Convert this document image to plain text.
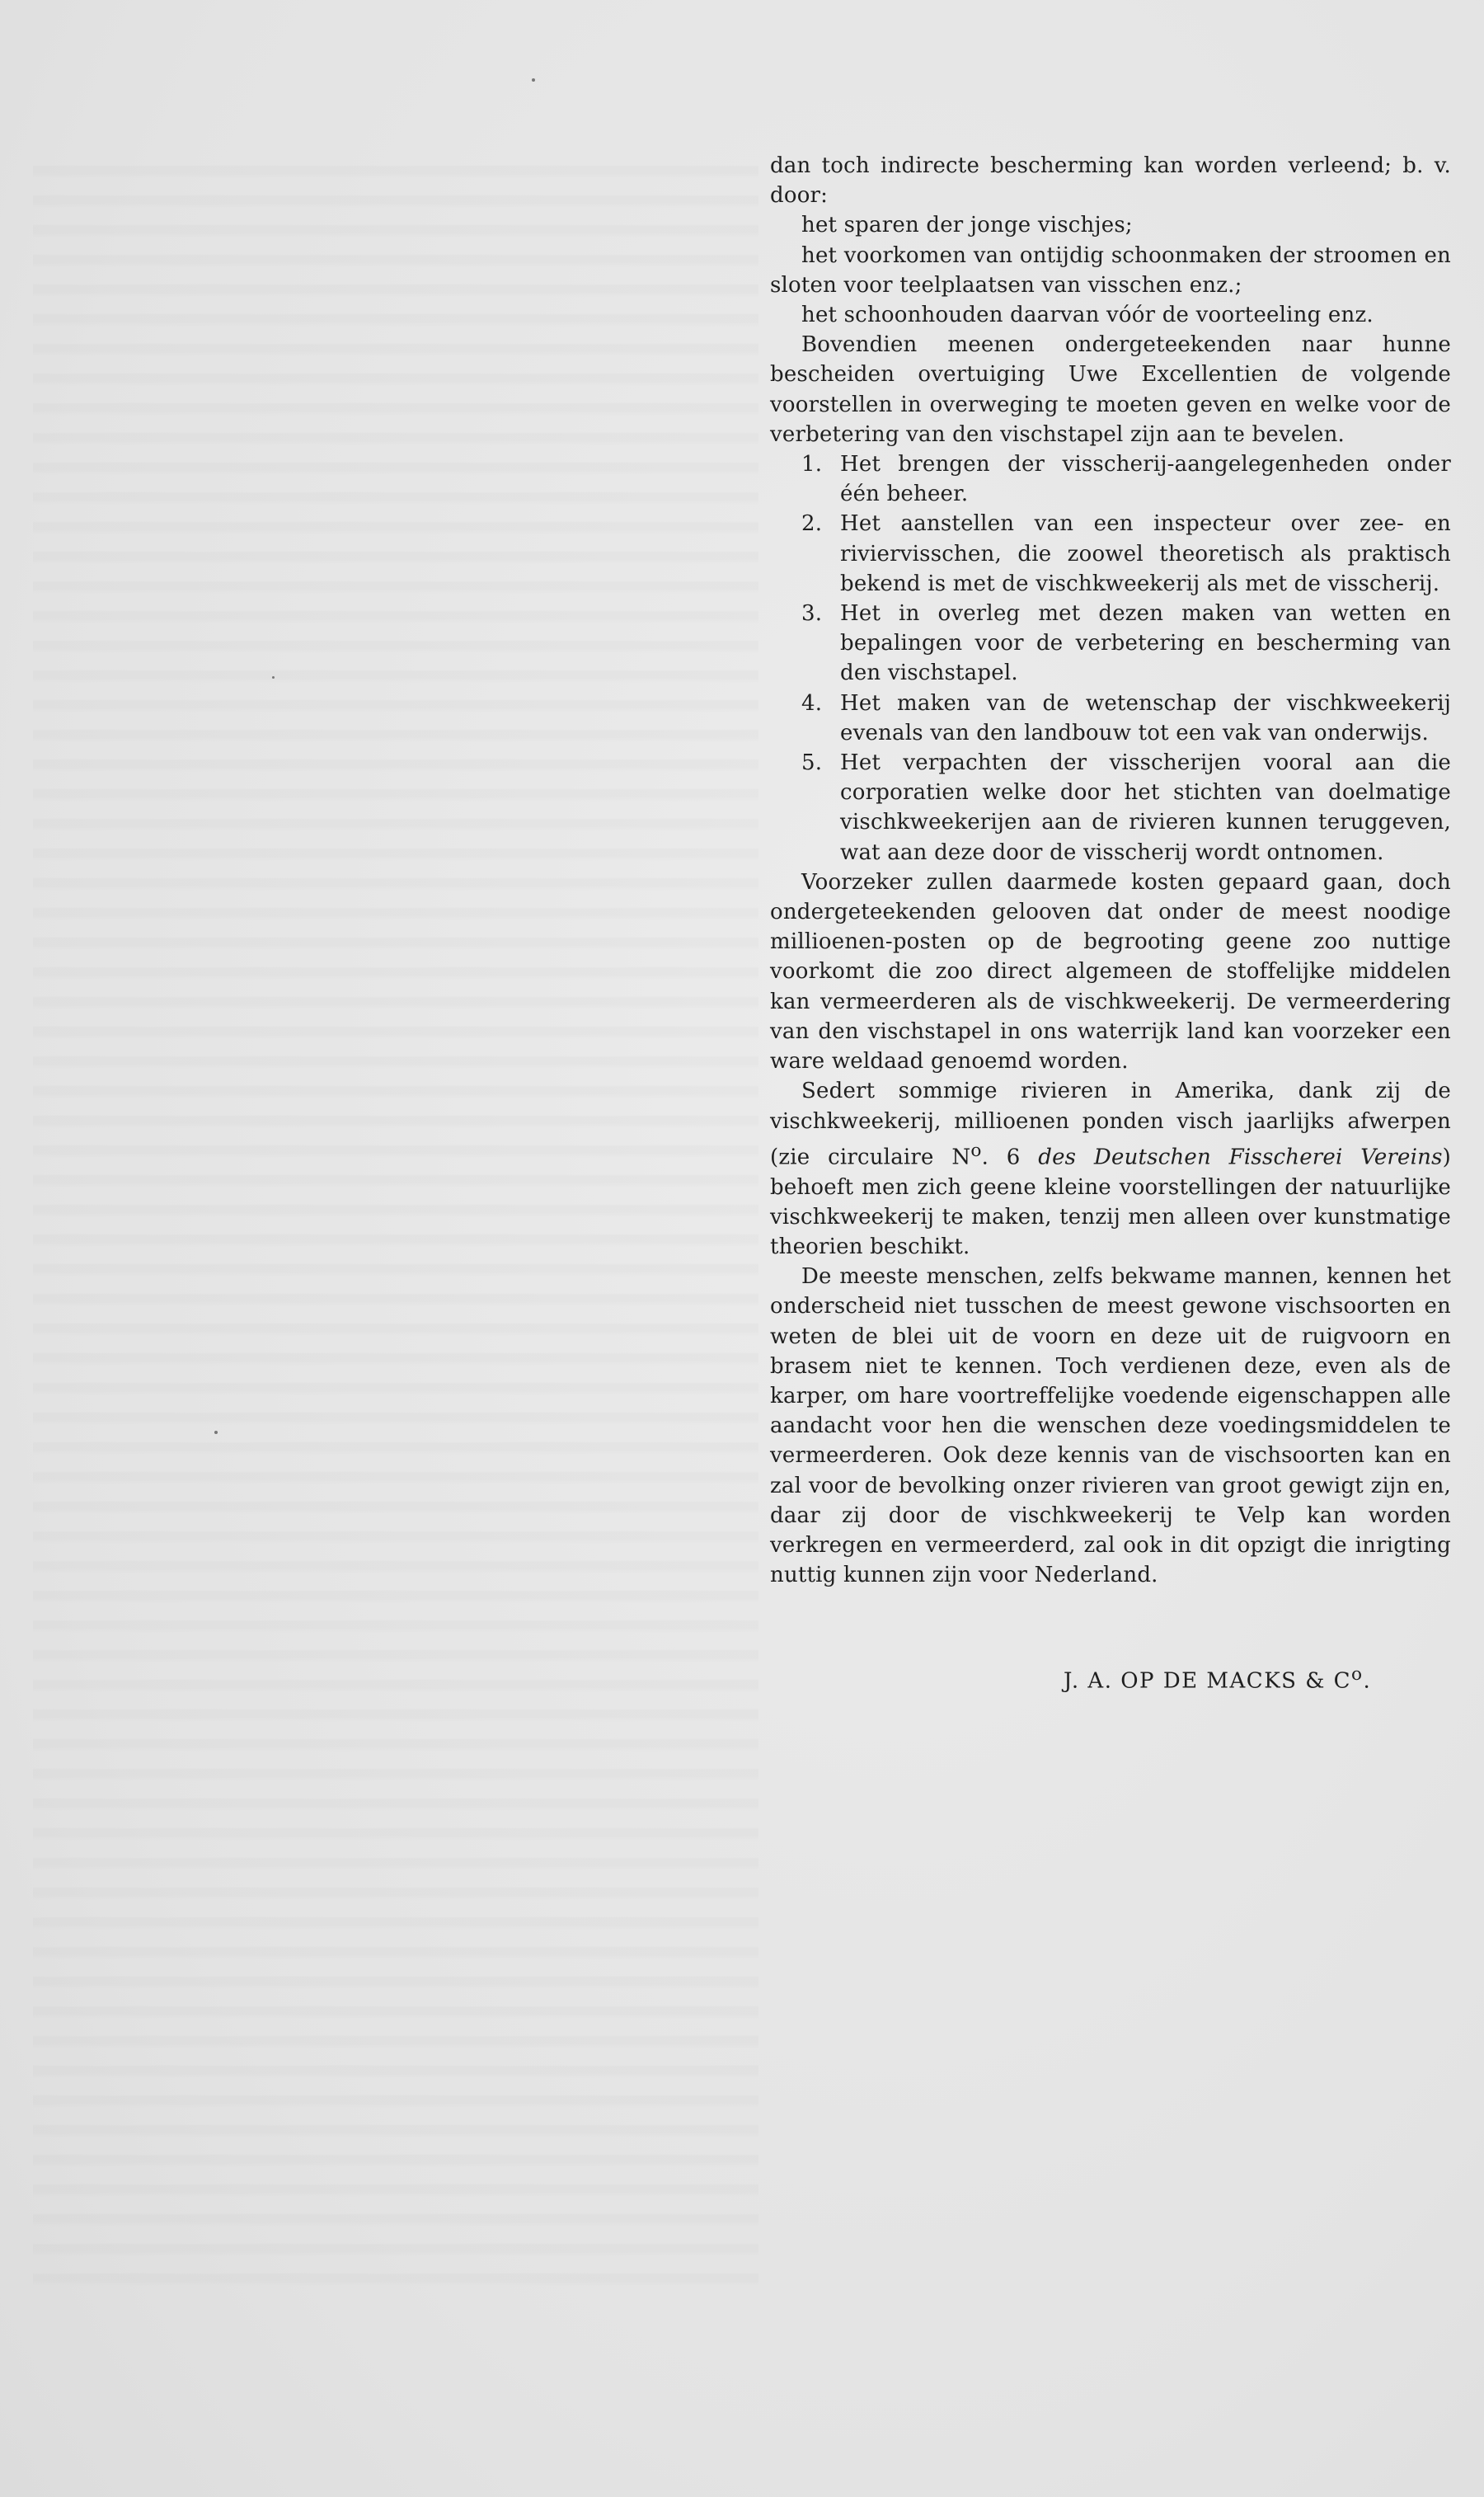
dan toch indirecte bescherming kan worden verleend; b. v. door:

het sparen der jonge vischjes;

het voorkomen van ontijdig schoonmaken der stroomen en sloten voor teelplaatsen van visschen enz.;

het schoonhouden daarvan vóór de voorteeling enz.

Bovendien meenen ondergeteekenden naar hunne bescheiden overtuiging Uwe Excellentien de volgende voorstellen in overweging te moeten geven en welke voor de verbetering van den vischstapel zijn aan te bevelen.

1. Het brengen der visscherij-aangelegenheden onder één beheer.
2. Het aanstellen van een inspecteur over zee- en riviervisschen, die zoowel theoretisch als praktisch bekend is met de vischkweekerij als met de visscherij.
3. Het in overleg met dezen maken van wetten en bepalingen voor de verbetering en bescherming van den vischstapel.
4. Het maken van de wetenschap der vischkweekerij evenals van den landbouw tot een vak van onderwijs.
5. Het verpachten der visscherijen vooral aan die corporatien welke door het stichten van doelmatige vischkweekerijen aan de rivieren kunnen teruggeven, wat aan deze door de visscherij wordt ontnomen.

Voorzeker zullen daarmede kosten gepaard gaan, doch ondergeteekenden gelooven dat onder de meest noodige millioenen-posten op de begrooting geene zoo nuttige voorkomt die zoo direct algemeen de stoffelijke middelen kan vermeerderen als de vischkweekerij. De vermeerdering van den vischstapel in ons waterrijk land kan voorzeker een ware weldaad genoemd worden.

Sedert sommige rivieren in Amerika, dank zij de vischkweekerij, millioenen ponden visch jaarlijks afwerpen (zie circulaire $N^o$. 6 des Deutschen Fisscherei Vereins) behoeft men zich geene kleine voorstellingen der natuurlijke vischkweekerij te maken, tenzij men alleen over kunstmatige theorien beschikt.

De meeste menschen, zelfs bekwame mannen, kennen het onderscheid niet tusschen de meest gewone vischsoorten en weten de blei uit de voorn en deze uit de ruigvoorn en brasem niet te kennen. Toch verdienen deze, even als de karper, om hare voortreffelijke voedende eigenschappen alle aandacht voor hen die wenschen deze voedingsmiddelen te vermeerderen. Ook deze kennis van de vischsoorten kan en zal voor de bevolking onzer rivieren van groot gewigt zijn en, daar zij door de vischkweekerij te Velp kan worden verkregen en vermeerderd, zal ook in dit opzigt die inrigting nuttig kunnen zijn voor Nederland.

J. A. OP DE MACKS & $C^o$.
